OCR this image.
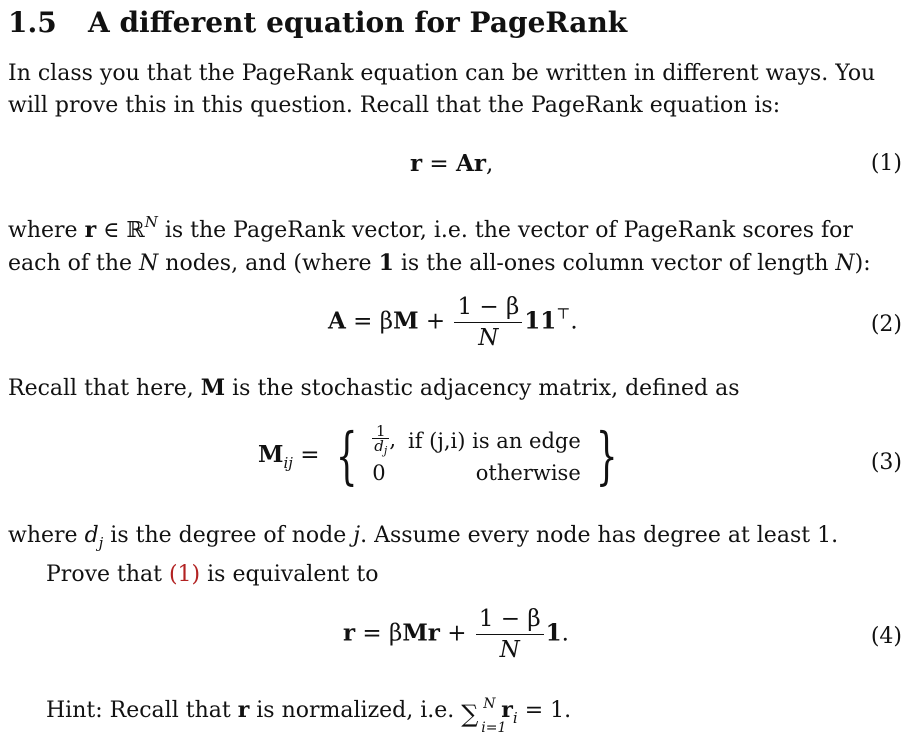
1.5 A different equation for PageRank
In class you that the PageRank equation can be written in different ways. You
will prove this in this question. Recall that the PageRank equation is:
r = Ar,	(1)
where r ∈ ℝ$^N$ is the PageRank vector, i.e. the vector of PageRank scores for
each of the N nodes, and (where 1 is the all-ones column vector of length N):
$A = \beta M + \frac{1 - \beta}{N} 11^⊤$.	(2)
Recall that here, M is the stochastic adjacency matrix, defined as
$M_{ij}$ = { $\frac{1}{d_j}$ ,	if (j,i) is an edge
0	otherwise }	(3)
where $d_j$ is the degree of node j. Assume every node has degree at least 1.
Prove that (1) is equivalent to
$r = \beta Mr + \frac{1 - \beta}{N} 1$.	(4)
Hint: Recall that r is normalized, i.e. ∑ N
i=1
$r_i = 1$.
